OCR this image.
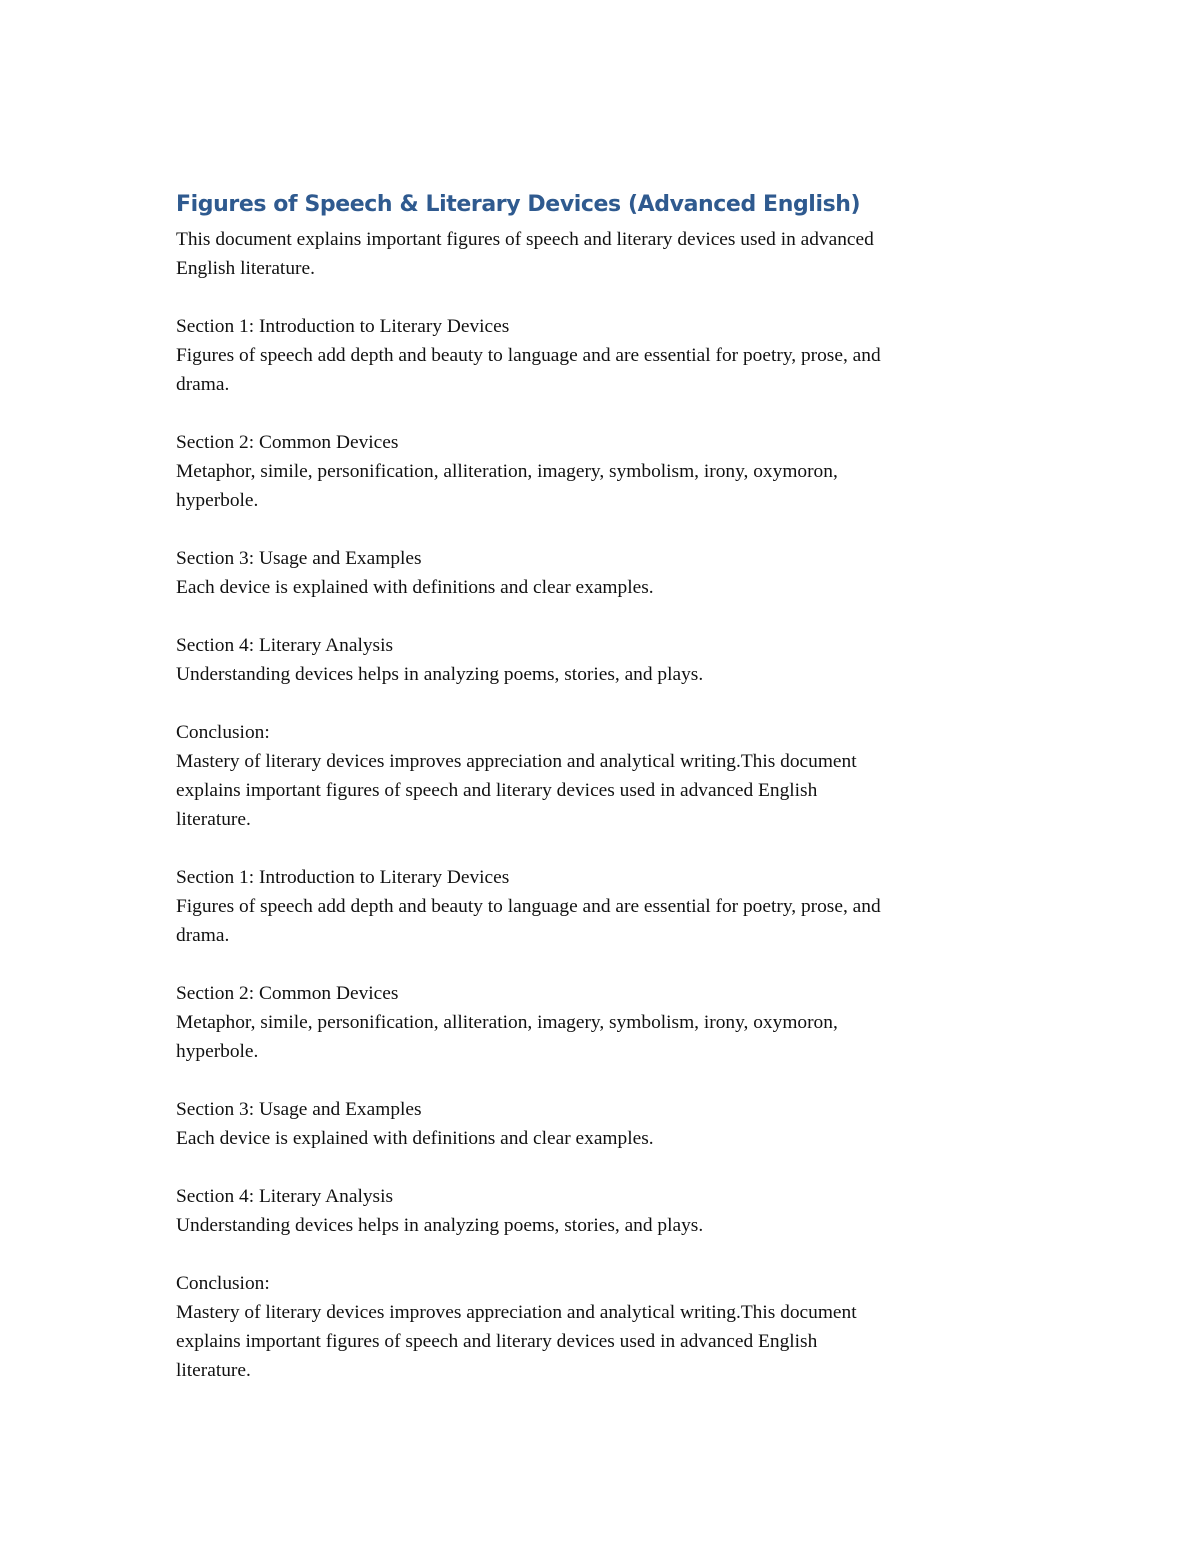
Figures of Speech & Literary Devices (Advanced English)
This document explains important figures of speech and literary devices used in advanced
English literature.
Section 1: Introduction to Literary Devices
Figures of speech add depth and beauty to language and are essential for poetry, prose, and
drama.
Section 2: Common Devices
Metaphor, simile, personification, alliteration, imagery, symbolism, irony, oxymoron,
hyperbole.
Section 3: Usage and Examples
Each device is explained with definitions and clear examples.
Section 4: Literary Analysis
Understanding devices helps in analyzing poems, stories, and plays.
Conclusion:
Mastery of literary devices improves appreciation and analytical writing.This document
explains important figures of speech and literary devices used in advanced English
literature.
Section 1: Introduction to Literary Devices
Figures of speech add depth and beauty to language and are essential for poetry, prose, and
drama.
Section 2: Common Devices
Metaphor, simile, personification, alliteration, imagery, symbolism, irony, oxymoron,
hyperbole.
Section 3: Usage and Examples
Each device is explained with definitions and clear examples.
Section 4: Literary Analysis
Understanding devices helps in analyzing poems, stories, and plays.
Conclusion:
Mastery of literary devices improves appreciation and analytical writing.This document
explains important figures of speech and literary devices used in advanced English
literature.
